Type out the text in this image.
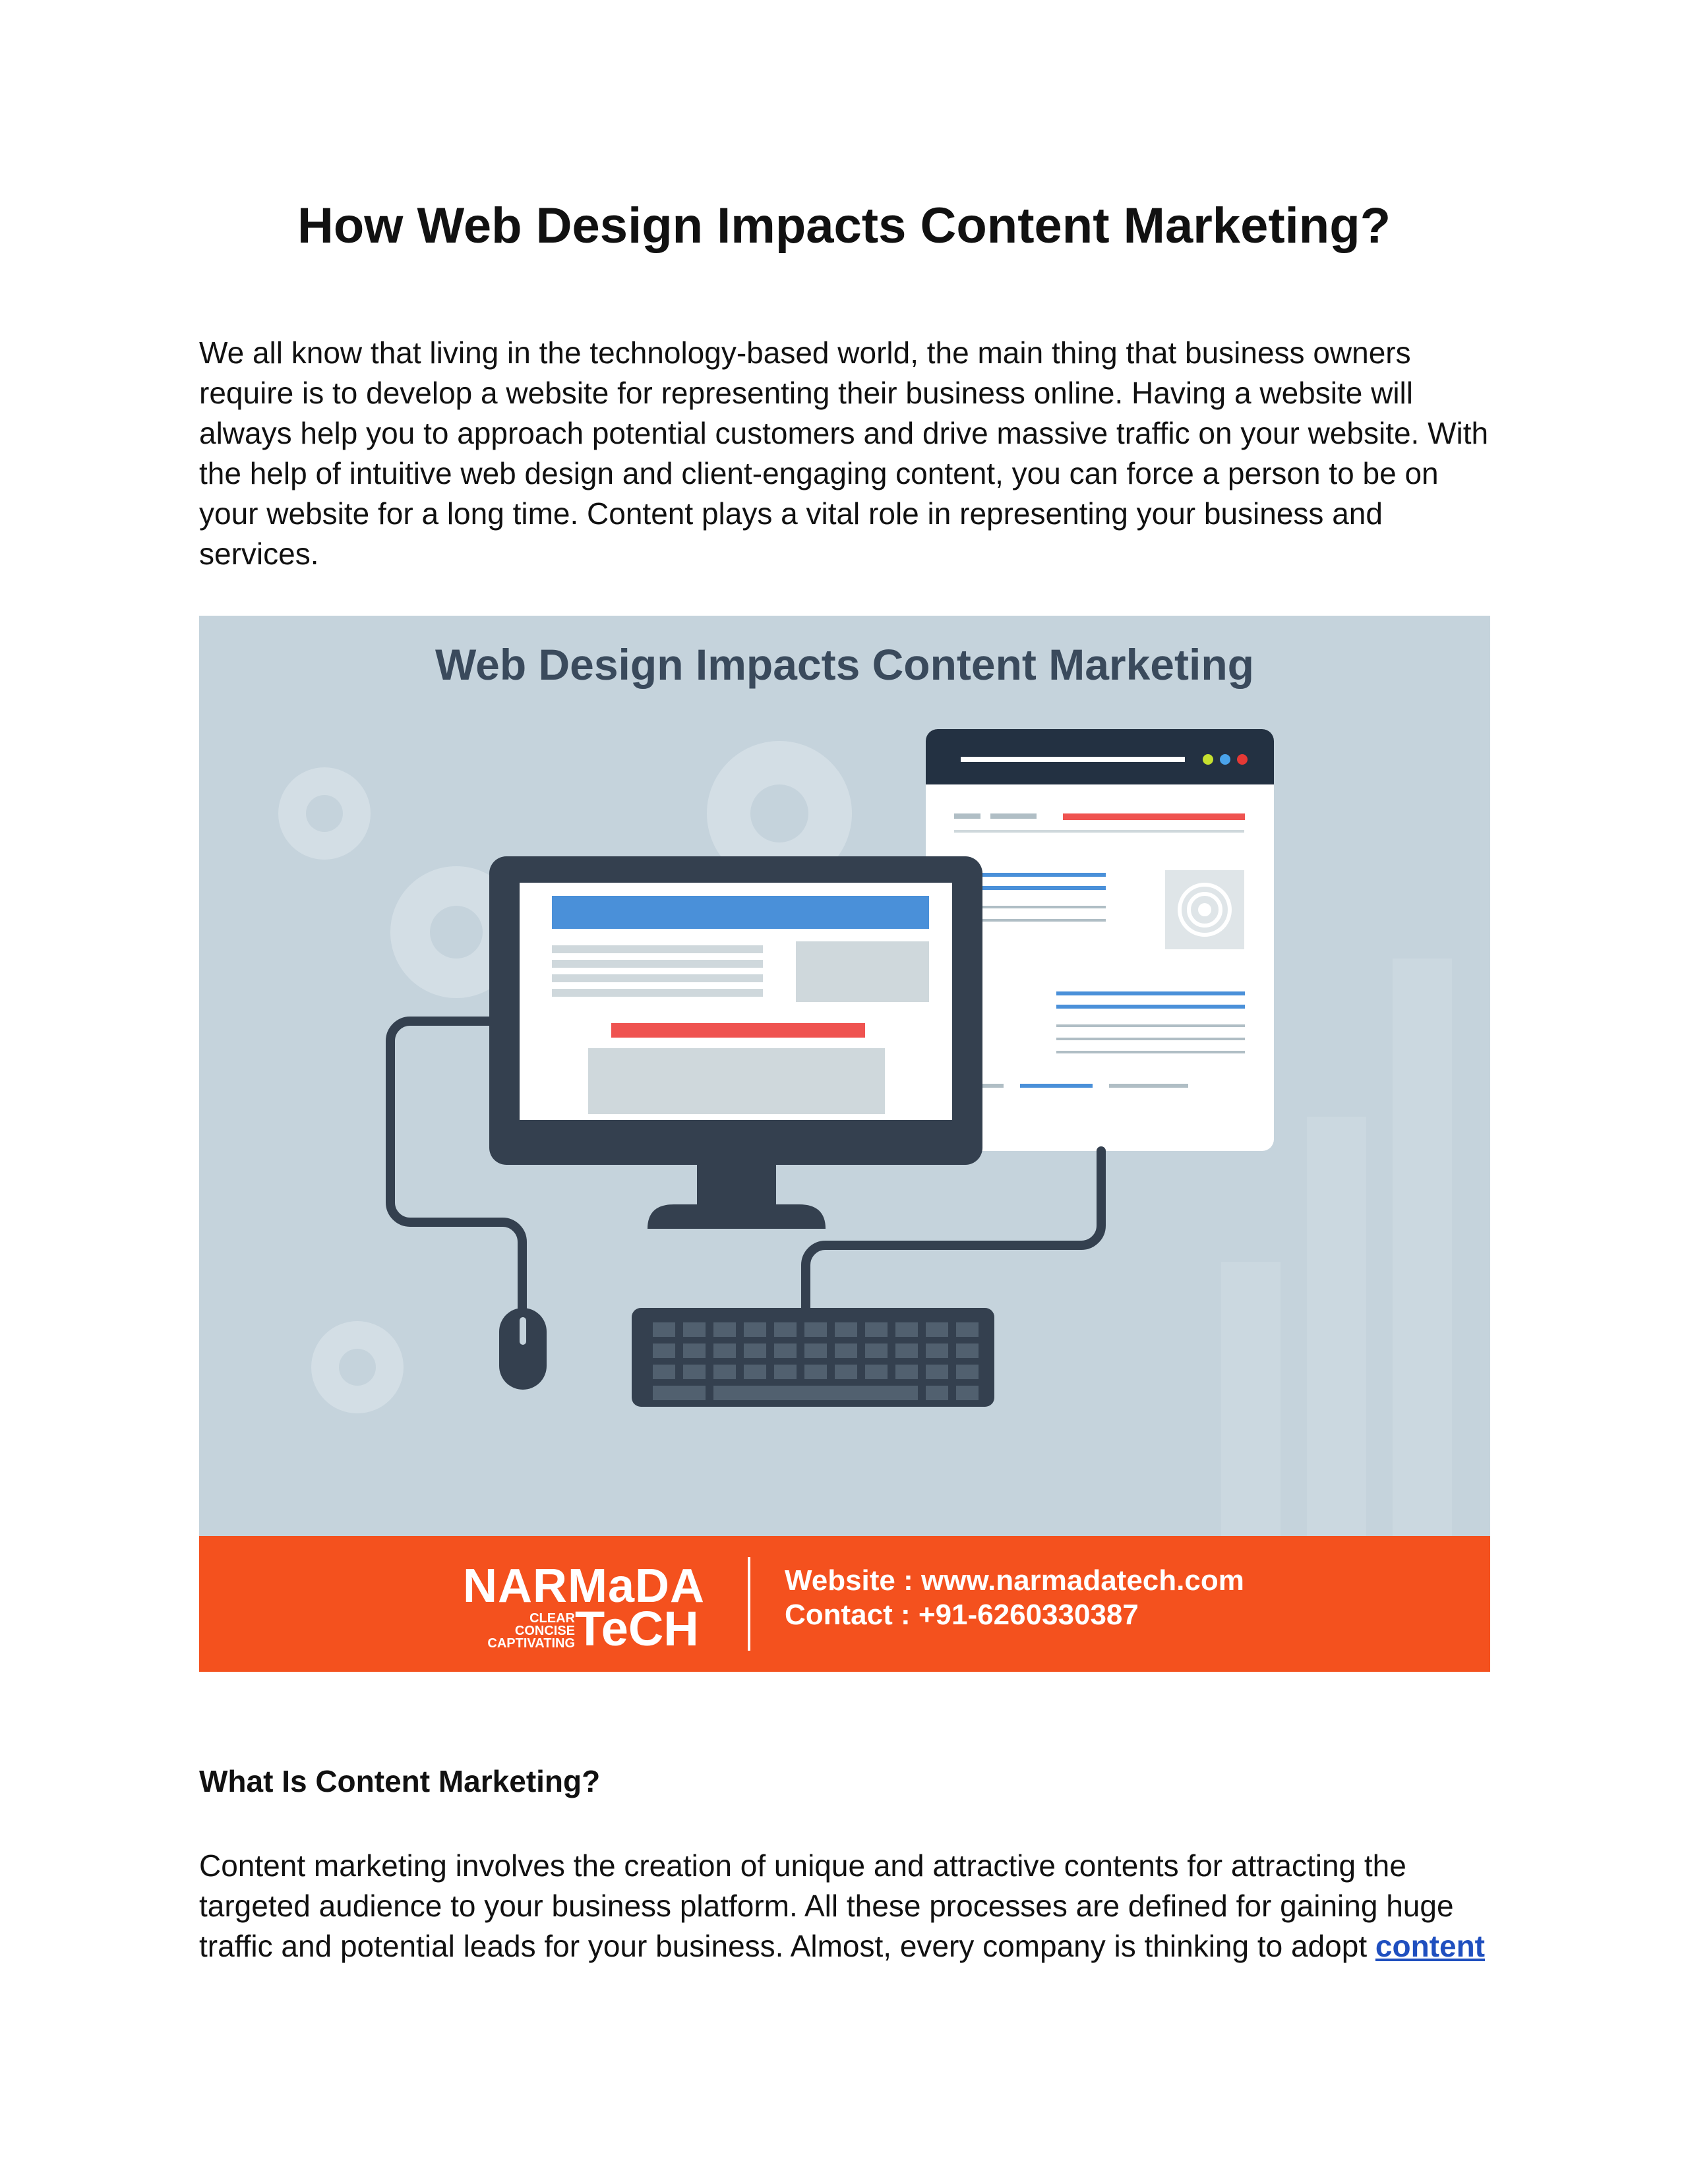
How Web Design Impacts Content Marketing?

We all know that living in the technology-based world, the main thing that business owners require is to develop a website for representing their business online. Having a website will always help you to approach potential customers and drive massive traffic on your website. With the help of intuitive web design and client-engaging content, you can force a person to be on your website for a long time. Content plays a vital role in representing your business and services.

Web Design Impacts Content Marketing
NARMaDA
CLEAR
CONCISE
CAPTIVATING TeCH
Website : www.narmadatech.com
Contact : +91-6260330387
What Is Content Marketing?

Content marketing involves the creation of unique and attractive contents for attracting the targeted audience to your business platform. All these processes are defined for gaining huge traffic and potential leads for your business. Almost, every company is thinking to adopt content
